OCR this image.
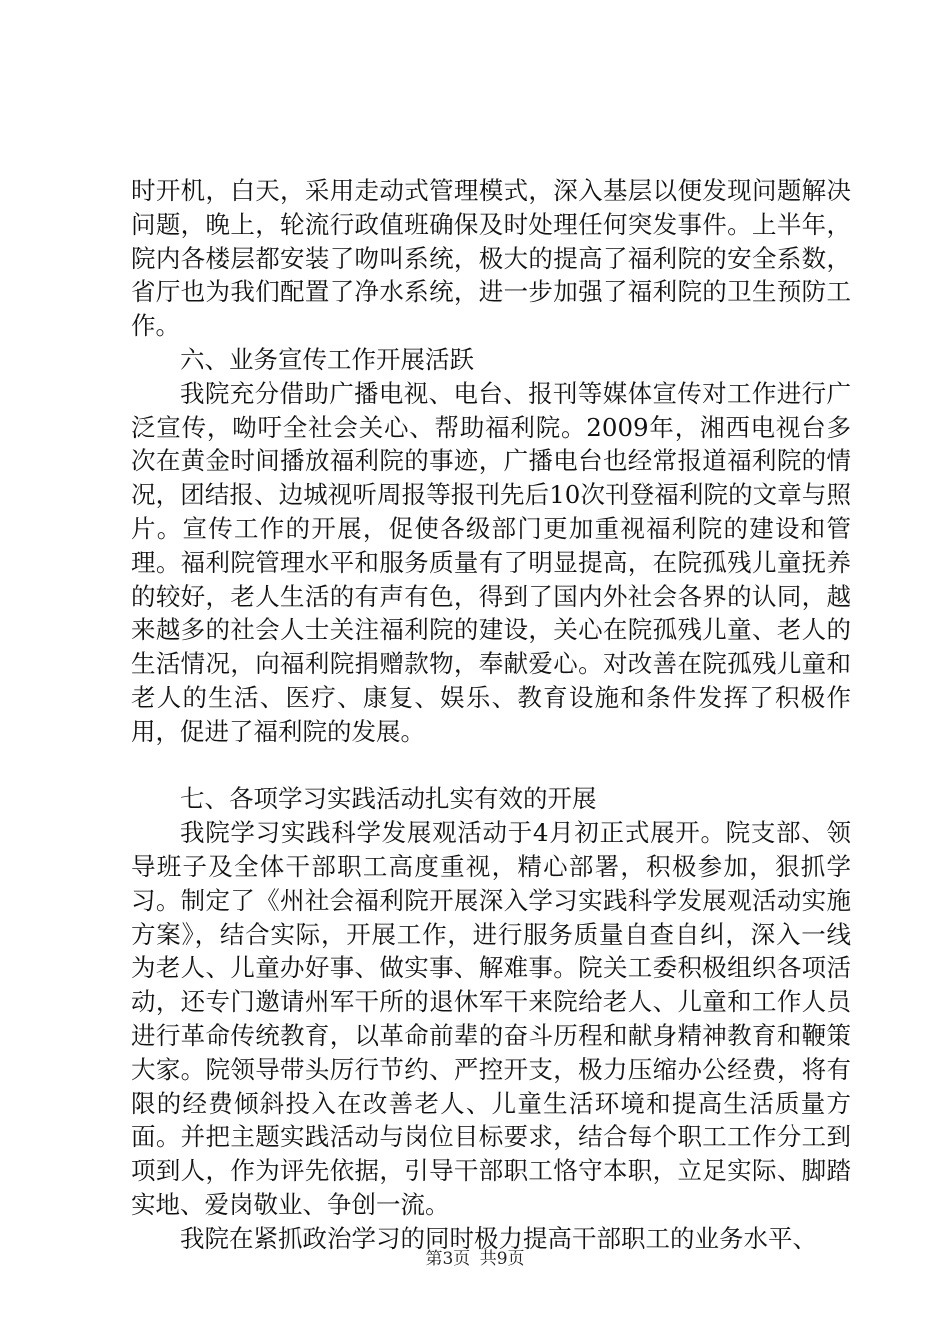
时开机，白天，采用走动式管理模式，深入基层以便发现问题解决问题，晚上，轮流行政值班确保及时处理任何突发事件。上半年，院内各楼层都安装了吻叫系统，极大的提高了福利院的安全系数，省厅也为我们配置了净水系统，进一步加强了福利院的卫生预防工作。

六、业务宣传工作开展活跃

我院充分借助广播电视、电台、报刊等媒体宣传对工作进行广泛宣传，呦吁全社会关心、帮助福利院。2009年，湘西电视台多次在黄金时间播放福利院的事迹，广播电台也经常报道福利院的情况，团结报、边城视听周报等报刊先后10次刊登福利院的文章与照片。宣传工作的开展，促使各级部门更加重视福利院的建设和管理。福利院管理水平和服务质量有了明显提高，在院孤残儿童抚养的较好，老人生活的有声有色，得到了国内外社会各界的认同，越来越多的社会人士关注福利院的建设，关心在院孤残儿童、老人的生活情况，向福利院捐赠款物，奉献爱心。对改善在院孤残儿童和老人的生活、医疗、康复、娱乐、教育设施和条件发挥了积极作用，促进了福利院的发展。

七、各项学习实践活动扎实有效的开展

我院学习实践科学发展观活动于4月初正式展开。院支部、领导班子及全体干部职工高度重视，精心部署，积极参加，狠抓学习。制定了《州社会福利院开展深入学习实践科学发展观活动实施方案》，结合实际，开展工作，进行服务质量自查自纠，深入一线为老人、儿童办好事、做实事、解难事。院关工委积极组织各项活动，还专门邀请州军干所的退休军干来院给老人、儿童和工作人员进行革命传统教育，以革命前辈的奋斗历程和献身精神教育和鞭策大家。院领导带头厉行节约、严控开支，极力压缩办公经费，将有限的经费倾斜投入在改善老人、儿童生活环境和提高生活质量方面。并把主题实践活动与岗位目标要求，结合每个职工工作分工到项到人，作为评先依据，引导干部职工恪守本职，立足实际、脚踏实地、爱岗敬业、争创一流。

我院在紧抓政治学习的同时极力提高干部职工的业务水平、

第3页 共9页
